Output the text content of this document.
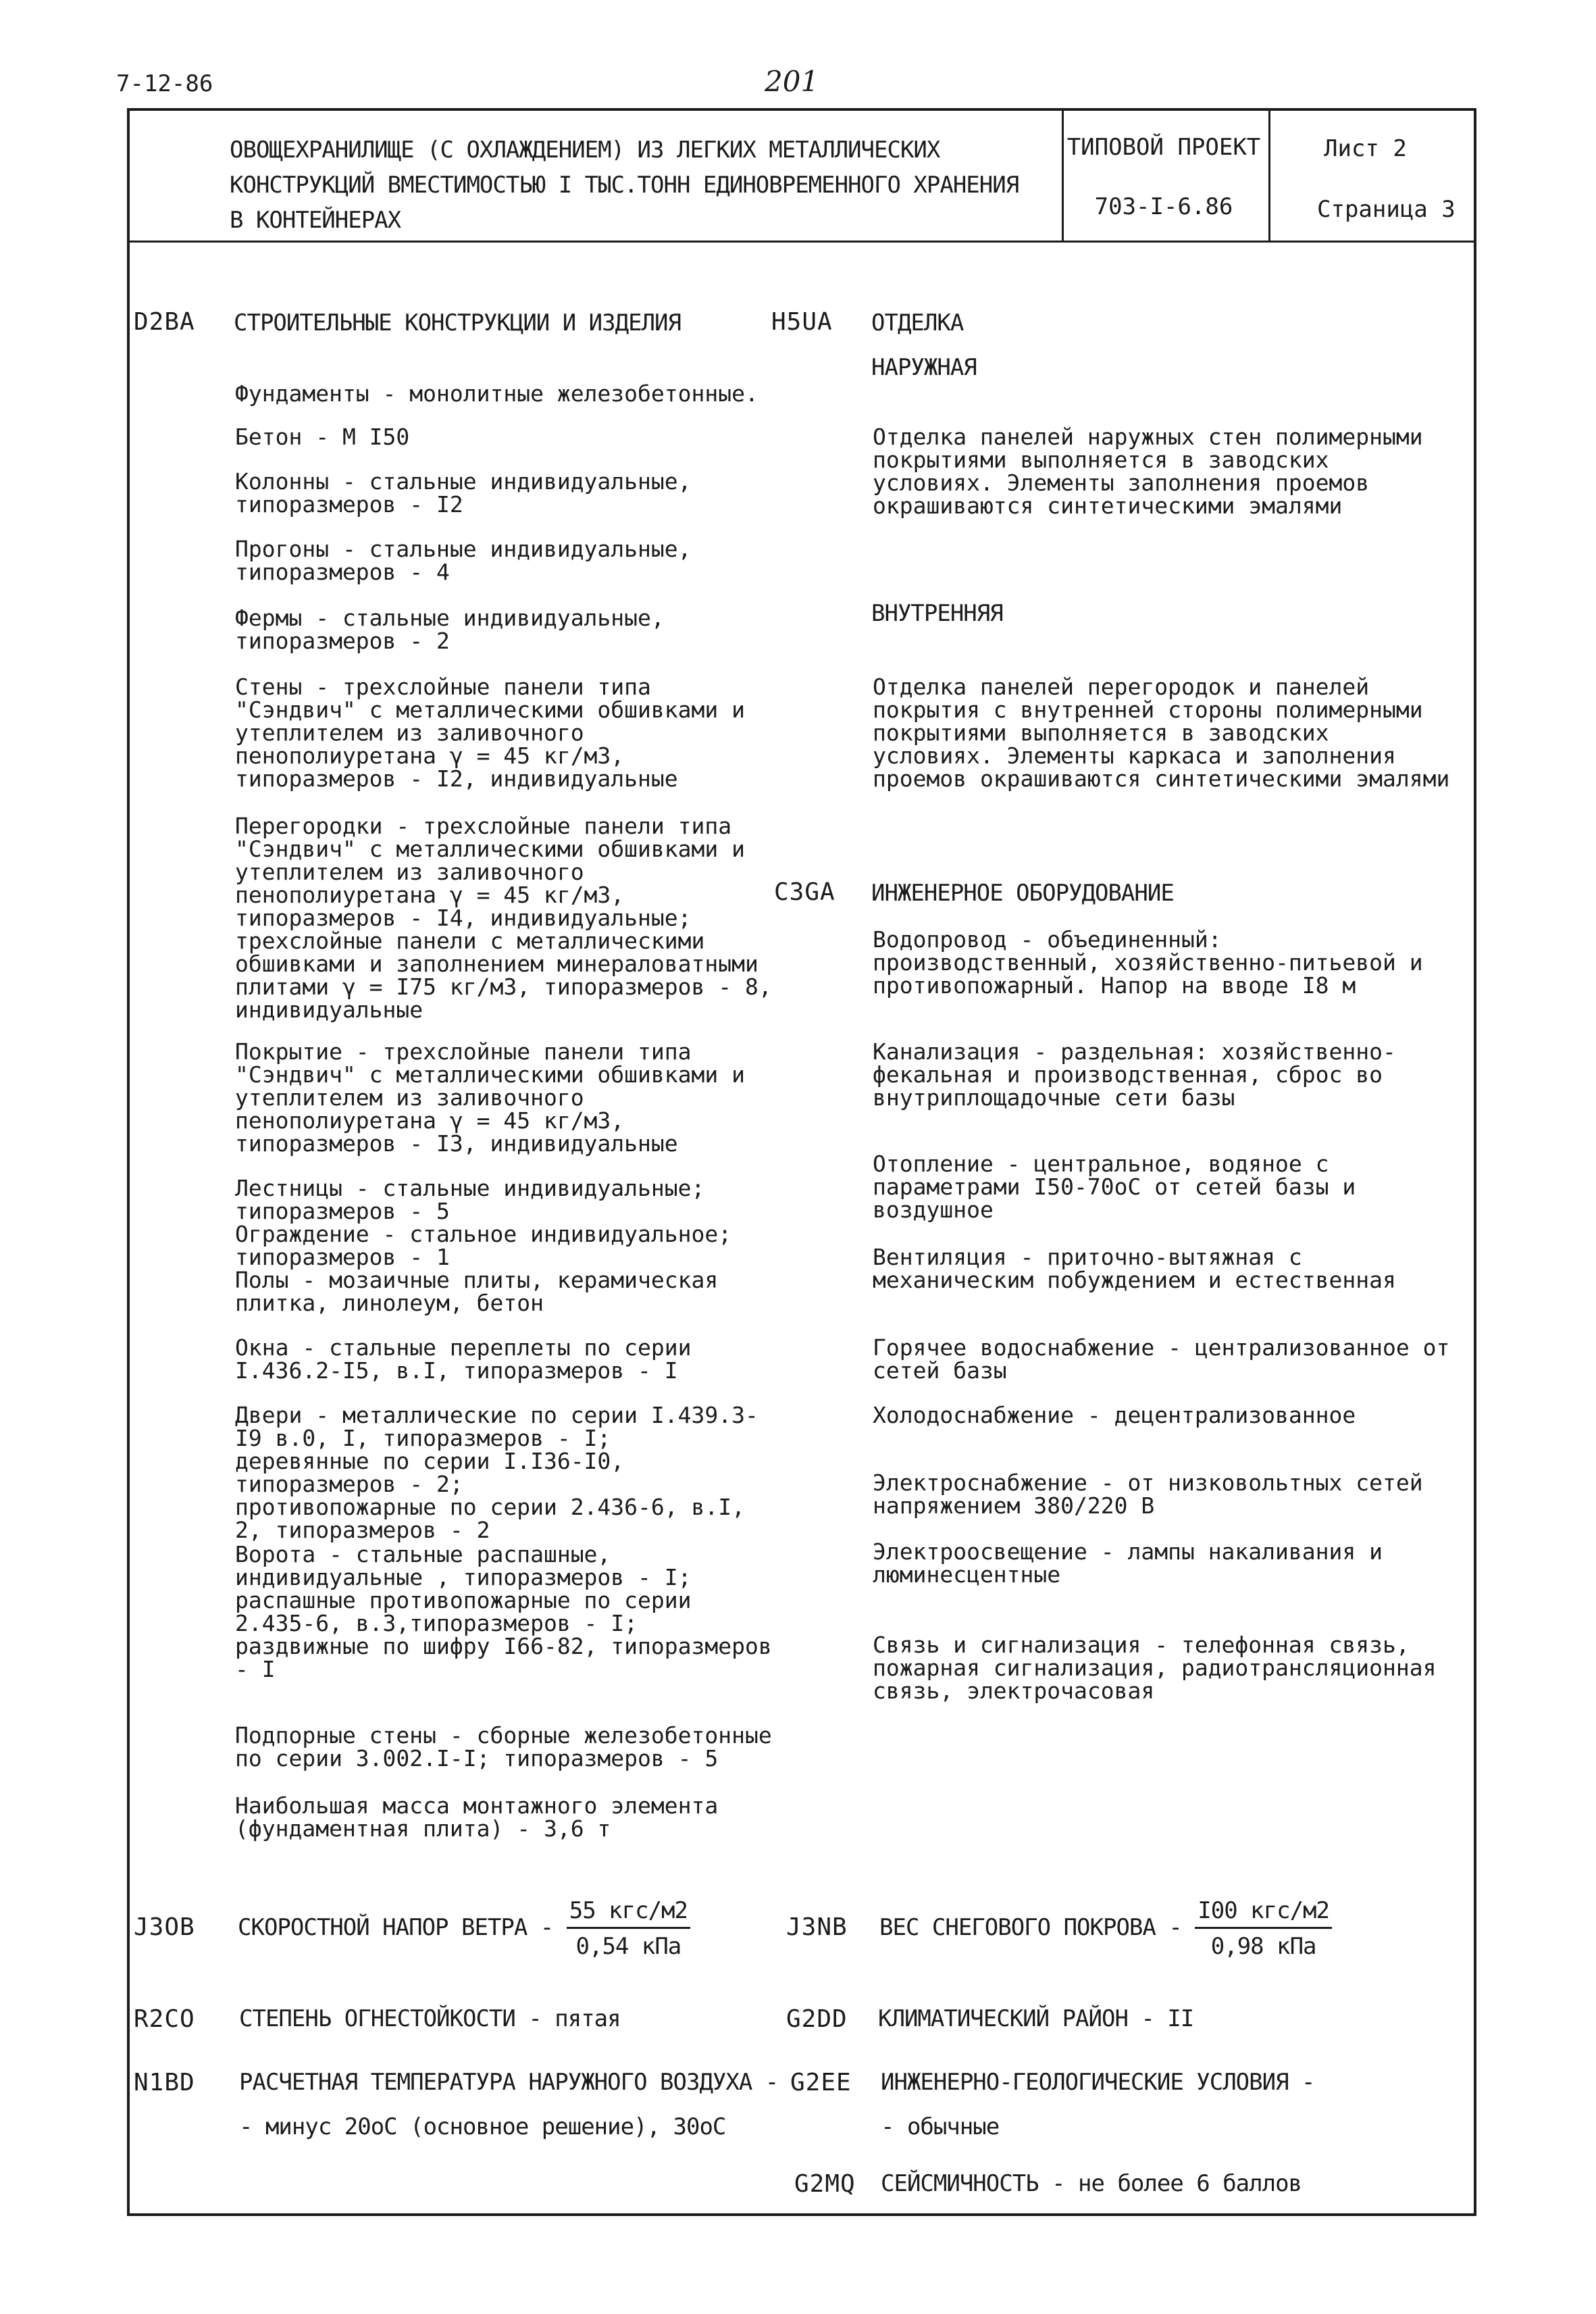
7-12-86	201
ОВОЩЕХРАНИЛИЩЕ (С ОХЛАЖДЕНИЕМ) ИЗ ЛЕГКИХ МЕТАЛЛИЧЕСКИХ КОНСТРУКЦИЙ ВМЕСТИМОСТЬЮ I ТЫС.ТОНН ЕДИНОВРЕМЕННОГО ХРАНЕНИЯ В КОНТЕЙНЕРАХ
ТИПОВОЙ ПРОЕКТ
703-I-6.86
Лист 2
Страница 3
D2BA СТРОИТЕЛЬНЫЕ КОНСТРУКЦИИ И ИЗДЕЛИЯ
Фундаменты - монолитные железобетонные.
Бетон - М I50
Колонны - стальные индивидуальные, типоразмеров - I2
Прогоны - стальные индивидуальные, типоразмеров - 4
Фермы - стальные индивидуальные, типоразмеров - 2
Стены - трехслойные панели типа "Сэндвич" с металлическими обшивками и утеплителем из заливочного пенополиуретана γ = 45 кг/м3, типоразмеров - I2, индивидуальные
Перегородки - трехслойные панели типа "Сэндвич" с металлическими обшивками и утеплителем из заливочного пенополиуретана γ = 45 кг/м3, типоразмеров - I4, индивидуальные;
трехслойные панели с металлическими обшивками и заполнением минераловатными плитами γ = I75 кг/м3, типоразмеров - 8, индивидуальные
Покрытие - трехслойные панели типа "Сэндвич" с металлическими обшивками и утеплителем из заливочного пенополиуретана γ = 45 кг/м3, типоразмеров - I3, индивидуальные
Лестницы - стальные индивидуальные; типоразмеров - 5
Ограждение - стальное индивидуальное; типоразмеров - 1
Полы - мозаичные плиты, керамическая плитка, линолеум, бетон
Окна - стальные переплеты по серии I.436.2-I5, в.I, типоразмеров - I
Двери - металлические по серии I.439.3-I9 в.0, I, типоразмеров - I;
деревянные по серии I.I36-I0, типоразмеров - 2;
противопожарные по серии 2.436-6, в.I, 2, типоразмеров - 2
Ворота - стальные распашные, индивидуальные , типоразмеров - I;
распашные противопожарные по серии 2.435-6, в.3,типоразмеров - I;
раздвижные по шифру I66-82, типоразмеров - I
Подпорные стены - сборные железобетонные по серии 3.002.I-I; типоразмеров - 5
Наибольшая масса монтажного элемента (фундаментная плита) - 3,6 т
H5UA ОТДЕЛКА
НАРУЖНАЯ
Отделка панелей наружных стен полимерными покрытиями выполняется в заводских условиях. Элементы заполнения проемов окрашиваются синтетическими эмалями
ВНУТРЕННЯЯ
Отделка панелей перегородок и панелей покрытия с внутренней стороны полимерными покрытиями выполняется в заводских условиях. Элементы каркаса и заполнения проемов окрашиваются синтетическими эмалями
C3GA ИНЖЕНЕРНОЕ ОБОРУДОВАНИЕ
Водопровод - объединенный: производственный, хозяйственно-питьевой и противопожарный. Напор на вводе I8 м
Канализация - раздельная: хозяйственно-фекальная и производственная, сброс во внутриплощадочные сети базы
Отопление - центральное, водяное с параметрами I50-70оС от сетей базы и воздушное
Вентиляция - приточно-вытяжная с механическим побуждением и естественная
Горячее водоснабжение - централизованное от сетей базы
Холодоснабжение - децентрализованное
Электроснабжение - от низковольтных сетей напряжением 380/220 В
Электроосвещение - лампы накаливания и люминесцентные
Связь и сигнализация - телефонная связь, пожарная сигнализация, радиотрансляционная связь, электрочасовая
J3OB СКОРОСТНОЙ НАПОР ВЕТРА - $\frac{\text{55 кгс/м2}}{\text{0,54 кПа}}$	J3NB ВЕС СНЕГОВОГО ПОКРОВА - $\frac{\text{I00 кгс/м2}}{\text{0,98 кПа}}$
R2CO СТЕПЕНЬ ОГНЕСТОЙКОСТИ - пятая	G2DD КЛИМАТИЧЕСКИЙ РАЙОН - II
N1BD РАСЧЕТНАЯ ТЕМПЕРАТУРА НАРУЖНОГО ВОЗДУХА -
- минус 20оС (основное решение), 30оС
G2EE ИНЖЕНЕРНО-ГЕОЛОГИЧЕСКИЕ УСЛОВИЯ -
- обычные
G2MQ СЕЙСМИЧНОСТЬ - не более 6 баллов
